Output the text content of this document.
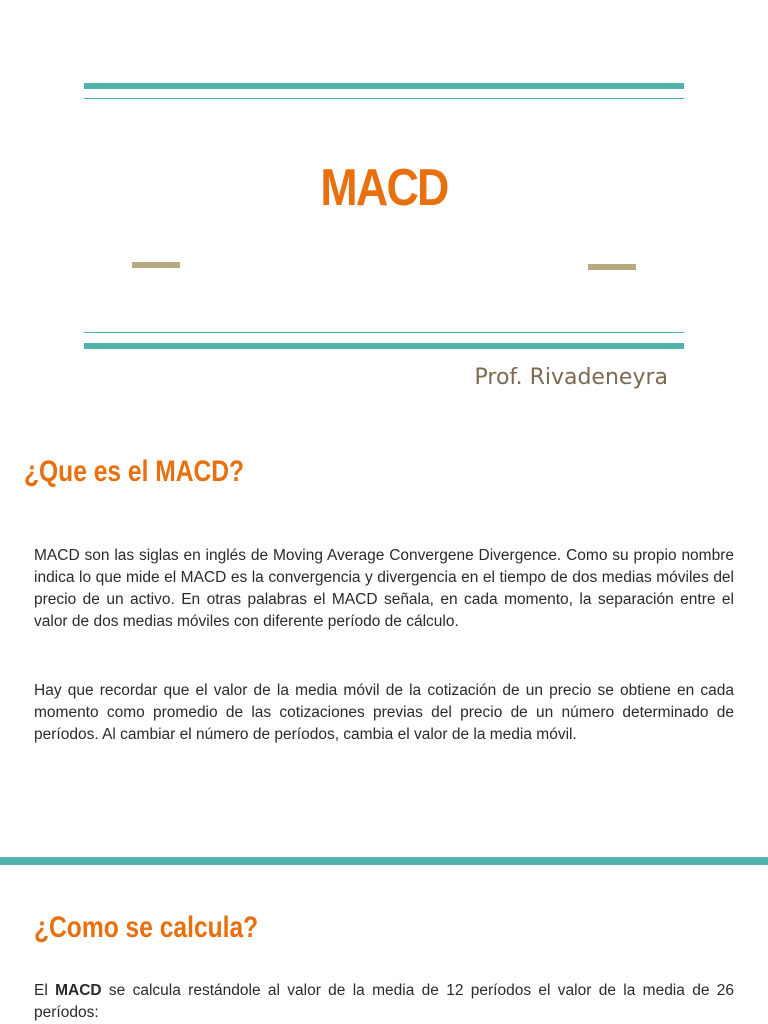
MACD
Prof. Rivadeneyra
¿Que es el MACD?

MACD son las siglas en inglés de Moving Average Convergene Divergence. Como su propio nombre indica lo que mide el MACD es la convergencia y divergencia en el tiempo de dos medias móviles del precio de un activo. En otras palabras el MACD señala, en cada momento, la separación entre el valor de dos medias móviles con diferente período de cálculo.

Hay que recordar que el valor de la media móvil de la cotización de un precio se obtiene en cada momento como promedio de las cotizaciones previas del precio de un número determinado de períodos. Al cambiar el número de períodos, cambia el valor de la media móvil.

¿Como se calcula?

El MACD se calcula restándole al valor de la media de 12 períodos el valor de la media de 26 períodos:
